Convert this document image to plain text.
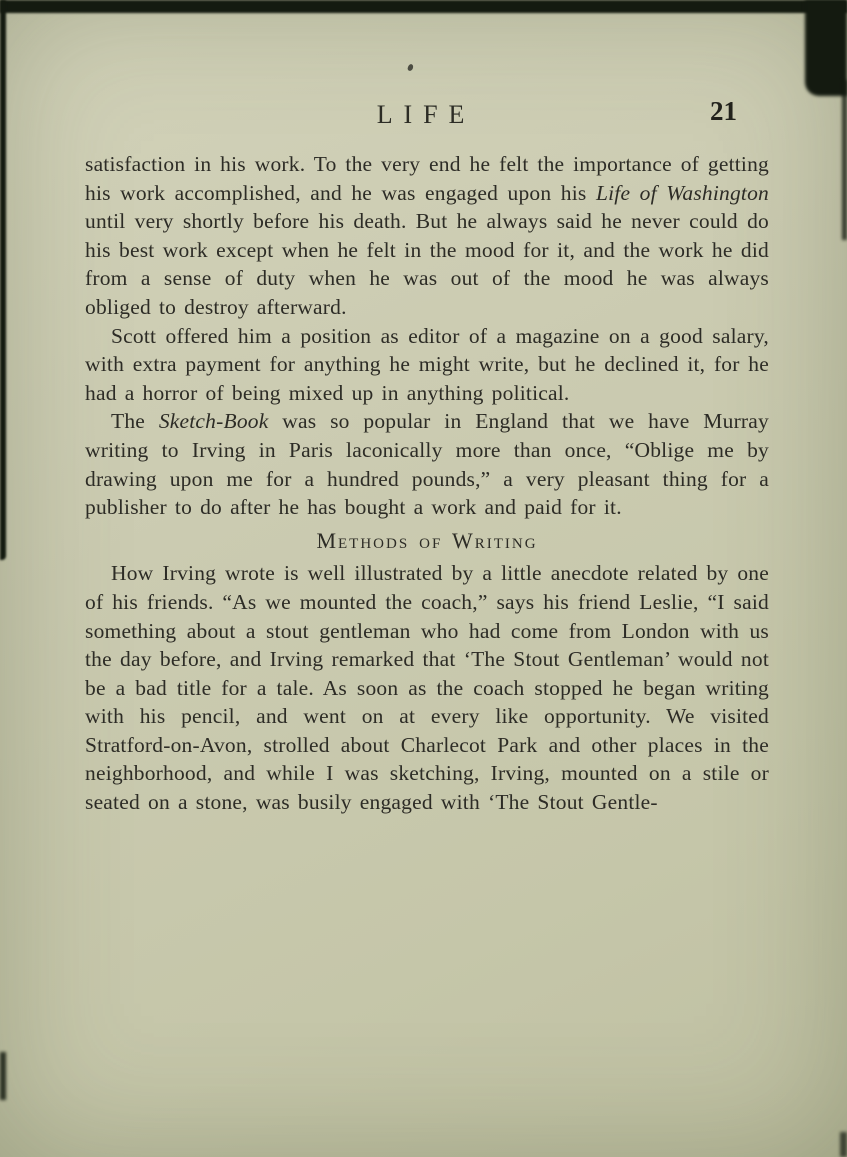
LIFE	21

satisfaction in his work. To the very end he felt the importance of getting his work accomplished, and he was engaged upon his Life of Washington until very shortly before his death. But he always said he never could do his best work except when he felt in the mood for it, and the work he did from a sense of duty when he was out of the mood he was always obliged to destroy afterward.

Scott offered him a position as editor of a magazine on a good salary, with extra payment for anything he might write, but he declined it, for he had a horror of being mixed up in anything political.

The Sketch-Book was so popular in England that we have Murray writing to Irving in Paris laconically more than once, “Oblige me by drawing upon me for a hundred pounds,” a very pleasant thing for a publisher to do after he has bought a work and paid for it.

Methods of Writing

How Irving wrote is well illustrated by a little anecdote related by one of his friends. “As we mounted the coach,” says his friend Leslie, “I said something about a stout gentleman who had come from London with us the day before, and Irving remarked that ‘The Stout Gentleman’ would not be a bad title for a tale. As soon as the coach stopped he began writing with his pencil, and went on at every like opportunity. We visited Stratford-on-Avon, strolled about Charlecot Park and other places in the neighborhood, and while I was sketching, Irving, mounted on a stile or seated on a stone, was busily engaged with ‘The Stout Gentle-
